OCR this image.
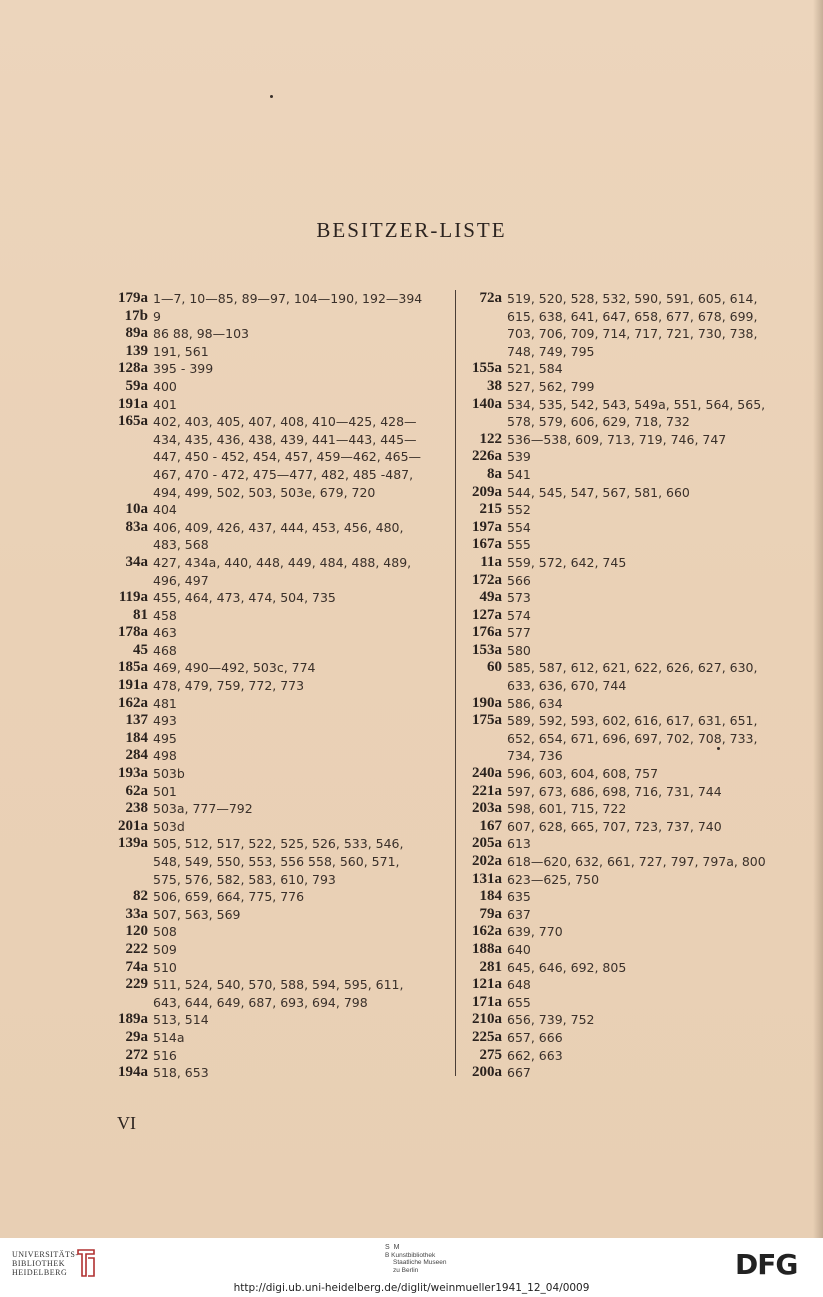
BESITZER-LISTE
179a 1—7, 10—85, 89—97, 104—190, 192—394
17b 9
89a 86 88, 98—103
139 191, 561
128a 395 - 399
59a 400
191a 401
165a 402, 403, 405, 407, 408, 410—425, 428—
434, 435, 436, 438, 439, 441—443, 445—
447, 450 - 452, 454, 457, 459—462, 465—
467, 470 - 472, 475—477, 482, 485 -487,
494, 499, 502, 503, 503e, 679, 720
10a 404
83a 406, 409, 426, 437, 444, 453, 456, 480,
483, 568
34a 427, 434a, 440, 448, 449, 484, 488, 489,
496, 497
119a 455, 464, 473, 474, 504, 735
81 458
178a 463
45 468
185a 469, 490—492, 503c, 774
191a 478, 479, 759, 772, 773
162a 481
137 493
184 495
284 498
193a 503b
62a 501
238 503a, 777—792
201a 503d
139a 505, 512, 517, 522, 525, 526, 533, 546,
548, 549, 550, 553, 556 558, 560, 571,
575, 576, 582, 583, 610, 793
82 506, 659, 664, 775, 776
33a 507, 563, 569
120 508
222 509
74a 510
229 511, 524, 540, 570, 588, 594, 595, 611,
643, 644, 649, 687, 693, 694, 798
189a 513, 514
29a 514a
272 516
194a 518, 653
72a 519, 520, 528, 532, 590, 591, 605, 614,
615, 638, 641, 647, 658, 677, 678, 699,
703, 706, 709, 714, 717, 721, 730, 738,
748, 749, 795
155a 521, 584
38 527, 562, 799
140a 534, 535, 542, 543, 549a, 551, 564, 565,
578, 579, 606, 629, 718, 732
122 536—538, 609, 713, 719, 746, 747
226a 539
8a 541
209a 544, 545, 547, 567, 581, 660
215 552
197a 554
167a 555
11a 559, 572, 642, 745
172a 566
49a 573
127a 574
176a 577
153a 580
60 585, 587, 612, 621, 622, 626, 627, 630,
633, 636, 670, 744
190a 586, 634
175a 589, 592, 593, 602, 616, 617, 631, 651,
652, 654, 671, 696, 697, 702, 708, 733,
734, 736
240a 596, 603, 604, 608, 757
221a 597, 673, 686, 698, 716, 731, 744
203a 598, 601, 715, 722
167 607, 628, 665, 707, 723, 737, 740
205a 613
202a 618—620, 632, 661, 727, 797, 797a, 800
131a 623—625, 750
184 635
79a 637
162a 639, 770
188a 640
281 645, 646, 692, 805
121a 648
171a 655
210a 656, 739, 752
225a 657, 666
275 662, 663
200a 667
VI
UNIVERSITÄTS-
BIBLIOTHEK
HEIDELBERG
S M
B Kunstbibliothek
Staatliche Museen
zu Berlin	DFG
http://digi.ub.uni-heidelberg.de/diglit/weinmueller1941_12_04/0009
